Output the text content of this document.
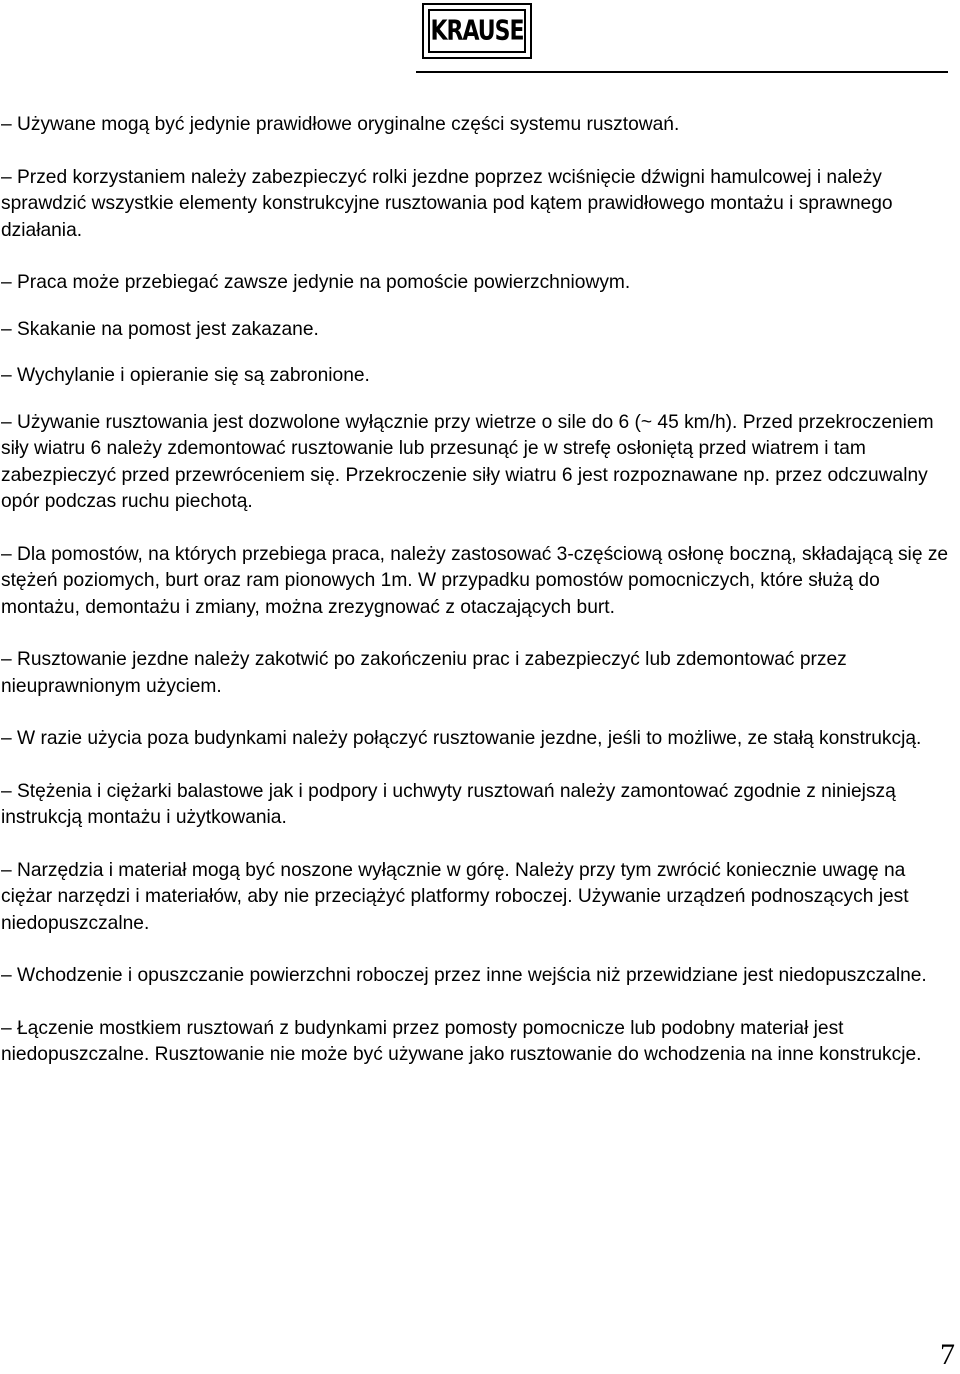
KRAUSE

– Używane mogą być jedynie prawidłowe oryginalne części systemu rusztowań.

– Przed korzystaniem należy zabezpieczyć rolki jezdne poprzez wciśnięcie dźwigni hamulcowej i należy sprawdzić wszystkie elementy konstrukcyjne rusztowania pod kątem prawidłowego montażu i sprawnego działania.

– Praca może przebiegać zawsze jedynie na pomoście powierzchniowym.

– Skakanie na pomost jest zakazane.

– Wychylanie i opieranie się są zabronione.

– Używanie rusztowania jest dozwolone wyłącznie przy wietrze o sile do 6 (~ 45 km/h). Przed przekroczeniem siły wiatru 6 należy zdemontować rusztowanie lub przesunąć je w strefę osłoniętą przed wiatrem i tam zabezpieczyć przed przewróceniem się. Przekroczenie siły wiatru 6 jest rozpoznawane np. przez odczuwalny opór podczas ruchu piechotą.

– Dla pomostów, na których przebiega praca, należy zastosować 3-częściową osłonę boczną, składającą się ze stężeń poziomych, burt oraz ram pionowych 1m. W przypadku pomostów pomocniczych, które służą do montażu, demontażu i zmiany, można zrezygnować z otaczających burt.

– Rusztowanie jezdne należy zakotwić po zakończeniu prac i zabezpieczyć lub zdemontować przez nieuprawnionym użyciem.

– W razie użycia poza budynkami należy połączyć rusztowanie jezdne, jeśli to możliwe, ze stałą konstrukcją.

– Stężenia i ciężarki balastowe jak i podpory i uchwyty rusztowań należy zamontować zgodnie z niniejszą instrukcją montażu i użytkowania.

– Narzędzia i materiał mogą być noszone wyłącznie w górę. Należy przy tym zwrócić koniecznie uwagę na ciężar narzędzi i materiałów, aby nie przeciążyć platformy roboczej. Używanie urządzeń podnoszących jest niedopuszczalne.

– Wchodzenie i opuszczanie powierzchni roboczej przez inne wejścia niż przewidziane jest niedopuszczalne.

– Łączenie mostkiem rusztowań z budynkami przez pomosty pomocnicze lub podobny materiał jest niedopuszczalne. Rusztowanie nie może być używane jako rusztowanie do wchodzenia na inne konstrukcje.

7
